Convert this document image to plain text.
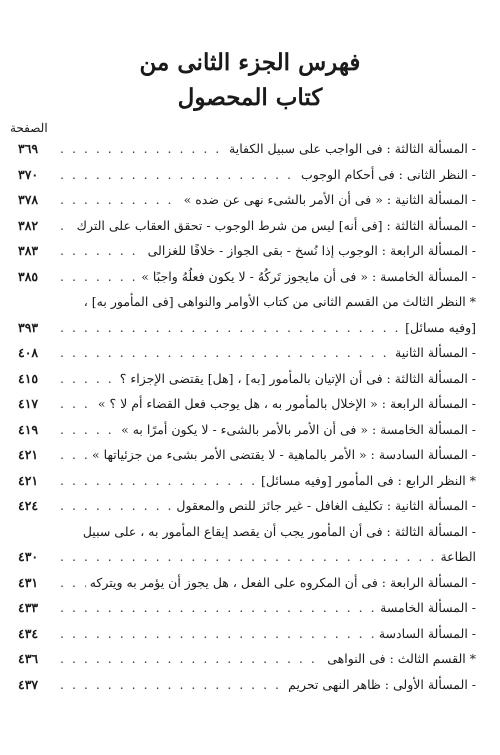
فهرس الجزء الثانى من
كتاب المحصول
الصفحة
- المسألة الثالثة : فى الواجب على سبيل الكفاية
. . .
٣٦٩
- النظر الثانى : فى أحكام الوجوب
. . .
٣٧٠
- المسألة الثانية : « فى أن الأمر بالشىء نهى عن ضده »
. . .
٣٧٨
- المسألة الثالثة : [فى أنه] ليس من شرط الوجوب - تحقق العقاب على الترك
. . .
٣٨٢
- المسألة الرابعة : الوجوب إذا نُسخ - بقى الجواز - خلافًا للغزالى
. . .
٣٨٣
- المسألة الخامسة : « فى أن مايجوز تَركُهُ - لا يكون فعلُهُ واجبًا »
. . .
٣٨٥
* النظر الثالث من القسم الثانى من كتاب الأوامر والنواهى [فى المأمور به] ،
[وفيه مسائل]
. . .
٣٩٣
- المسألة الثانية
. . .
٤٠٨
- المسألة الثالثة : فى أن الإتيان بالمأمور [به] ، [هل] يقتضى الإجزاء ؟
. . .
٤١٥
- المسألة الرابعة : « الإخلال بالمأمور به ، هل يوجب فعل القضاء أم لا ؟ »
. . .
٤١٧
- المسألة الخامسة : « فى أن الأمر بالأمر بالشىء - لا يكون أمرًا به »
. . .
٤١٩
- المسألة السادسة : « الأمر بالماهية - لا يقتضى الأمر بشىء من جزئياتها »
. . .
٤٢١
* النظر الرابع : فى المأمور [وفيه مسائل]
. . .
٤٢١
- المسألة الثانية : تكليف الغافل - غير جائز للنص والمعقول
. . .
٤٢٤
- المسألة الثالثة : فى أن المأمور يجب أن يقصد إيقاع المأمور به ، على سبيل
الطاعة
. . .
٤٣٠
- المسألة الرابعة : فى أن المكروه على الفعل ، هل يجوز أن يؤمر به ويتركه
. . .
٤٣١
- المسألة الخامسة
. . .
٤٣٣
- المسألة السادسة
. . .
٤٣٤
* القسم الثالث : فى النواهى
. . .
٤٣٦
- المسألة الأولى : ظاهر النهى تحريم
. . .
٤٣٧
